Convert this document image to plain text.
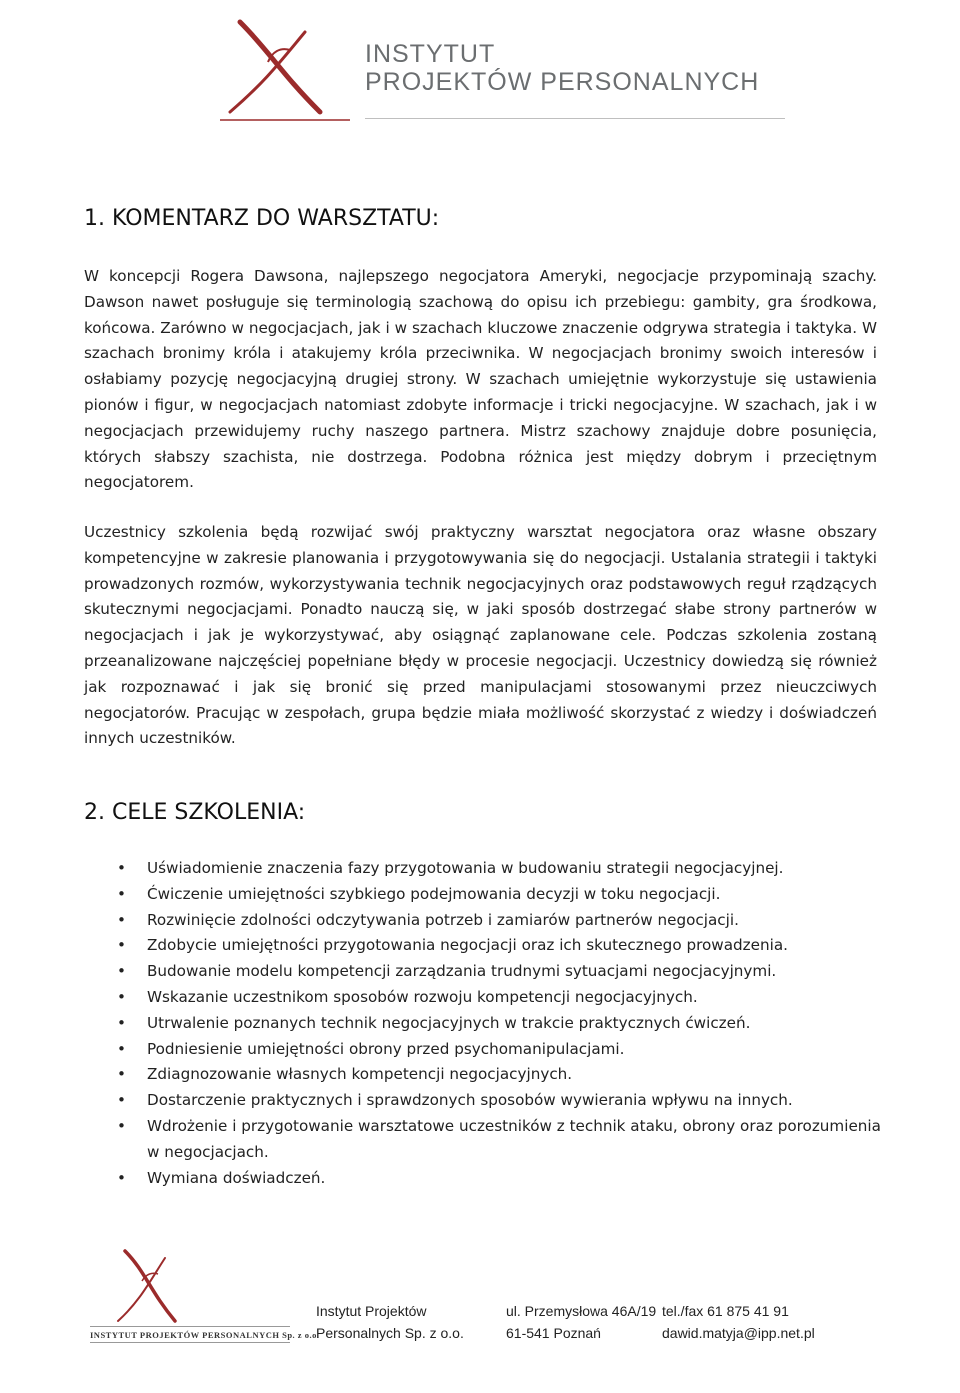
INSTYTUT
PROJEKTÓW PERSONALNYCH
1. KOMENTARZ DO WARSZTATU:

W koncepcji Rogera Dawsona, najlepszego negocjatora Ameryki, negocjacje przypominają szachy. Dawson nawet posługuje się terminologią szachową do opisu ich przebiegu: gambity, gra środkowa, końcowa. Zarówno w negocjacjach, jak i w szachach kluczowe znaczenie odgrywa strategia i taktyka. W szachach bronimy króla i atakujemy króla przeciwnika. W negocjacjach bronimy swoich interesów i osłabiamy pozycję negocjacyjną drugiej strony. W szachach umiejętnie wykorzystuje się ustawienia pionów i figur, w negocjacjach natomiast zdobyte informacje i tricki negocjacyjne. W szachach, jak i w negocjacjach przewidujemy ruchy naszego partnera. Mistrz szachowy znajduje dobre posunięcia, których słabszy szachista, nie dostrzega. Podobna różnica jest między dobrym i przeciętnym negocjatorem.

Uczestnicy szkolenia będą rozwijać swój praktyczny warsztat negocjatora oraz własne obszary kompetencyjne w zakresie planowania i przygotowywania się do negocjacji. Ustalania strategii i taktyki prowadzonych rozmów, wykorzystywania technik negocjacyjnych oraz podstawowych reguł rządzących skutecznymi negocjacjami. Ponadto nauczą się, w jaki sposób dostrzegać słabe strony partnerów w negocjacjach i jak je wykorzystywać, aby osiągnąć zaplanowane cele. Podczas szkolenia zostaną przeanalizowane najczęściej popełniane błędy w procesie negocjacji. Uczestnicy dowiedzą się również jak rozpoznawać i jak się bronić się przed manipulacjami stosowanymi przez nieuczciwych negocjatorów. Pracując w zespołach, grupa będzie miała możliwość skorzystać z wiedzy i doświadczeń innych uczestników.

2. CELE SZKOLENIA:
• Uświadomienie znaczenia fazy przygotowania w budowaniu strategii negocjacyjnej.
• Ćwiczenie umiejętności szybkiego podejmowania decyzji w toku negocjacji.
• Rozwinięcie zdolności odczytywania potrzeb i zamiarów partnerów negocjacji.
• Zdobycie umiejętności przygotowania negocjacji oraz ich skutecznego prowadzenia.
• Budowanie modelu kompetencji zarządzania trudnymi sytuacjami negocjacyjnymi.
• Wskazanie uczestnikom sposobów rozwoju kompetencji negocjacyjnych.
• Utrwalenie poznanych technik negocjacyjnych w trakcie praktycznych ćwiczeń.
• Podniesienie umiejętności obrony przed psychomanipulacjami.
• Zdiagnozowanie własnych kompetencji negocjacyjnych.
• Dostarczenie praktycznych i sprawdzonych sposobów wywierania wpływu na innych.
• Wdrożenie i przygotowanie warsztatowe uczestników z technik ataku, obrony oraz porozumienia w negocjacjach.
• Wymiana doświadczeń.
INSTYTUT PROJEKTÓW PERSONALNYCH Sp. z o.o.
Instytut Projektów
Personalnych Sp. z o.o.
ul. Przemysłowa 46A/19
61-541 Poznań
tel./fax 61 875 41 91
dawid.matyja@ipp.net.pl
